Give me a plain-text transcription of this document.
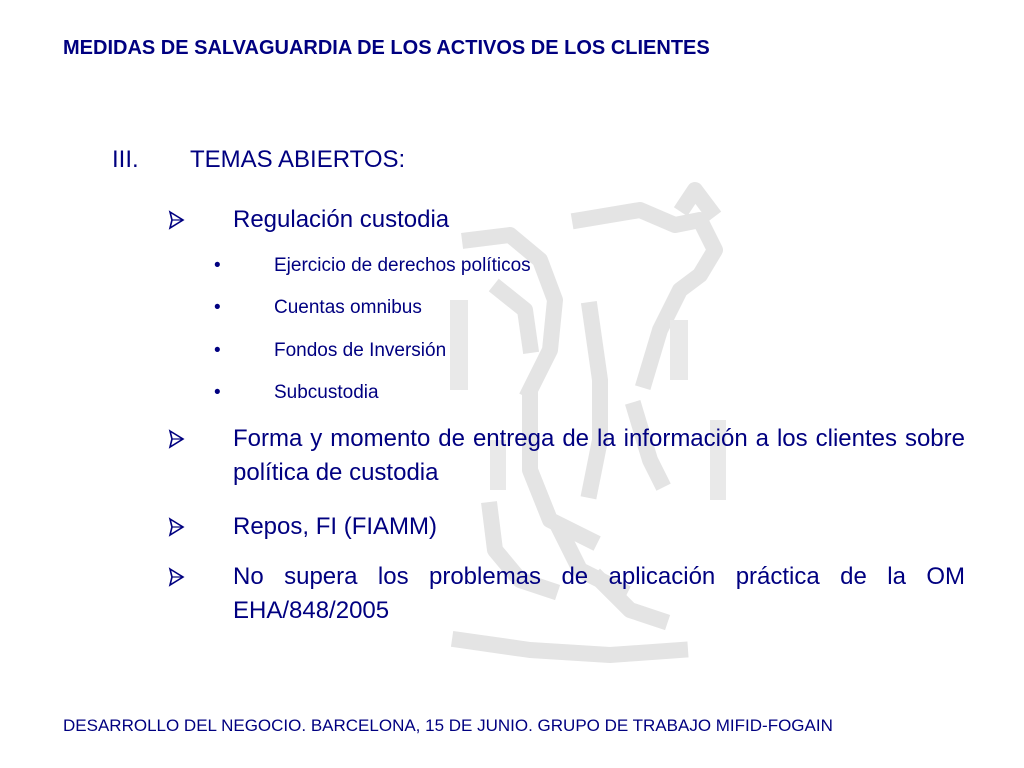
MEDIDAS DE SALVAGUARDIA DE LOS ACTIVOS DE LOS CLIENTES
III. TEMAS ABIERTOS:
Regulación custodia
•	Ejercicio de derechos políticos
•	Cuentas omnibus
•	Fondos de Inversión
•	Subcustodia
Forma y momento de entrega de la información a los clientes sobre política de custodia
Repos, FI (FIAMM)
No supera los problemas de aplicación práctica de la OM EHA/848/2005
DESARROLLO DEL NEGOCIO. BARCELONA, 15 DE JUNIO. GRUPO DE TRABAJO MIFID-FOGAIN
